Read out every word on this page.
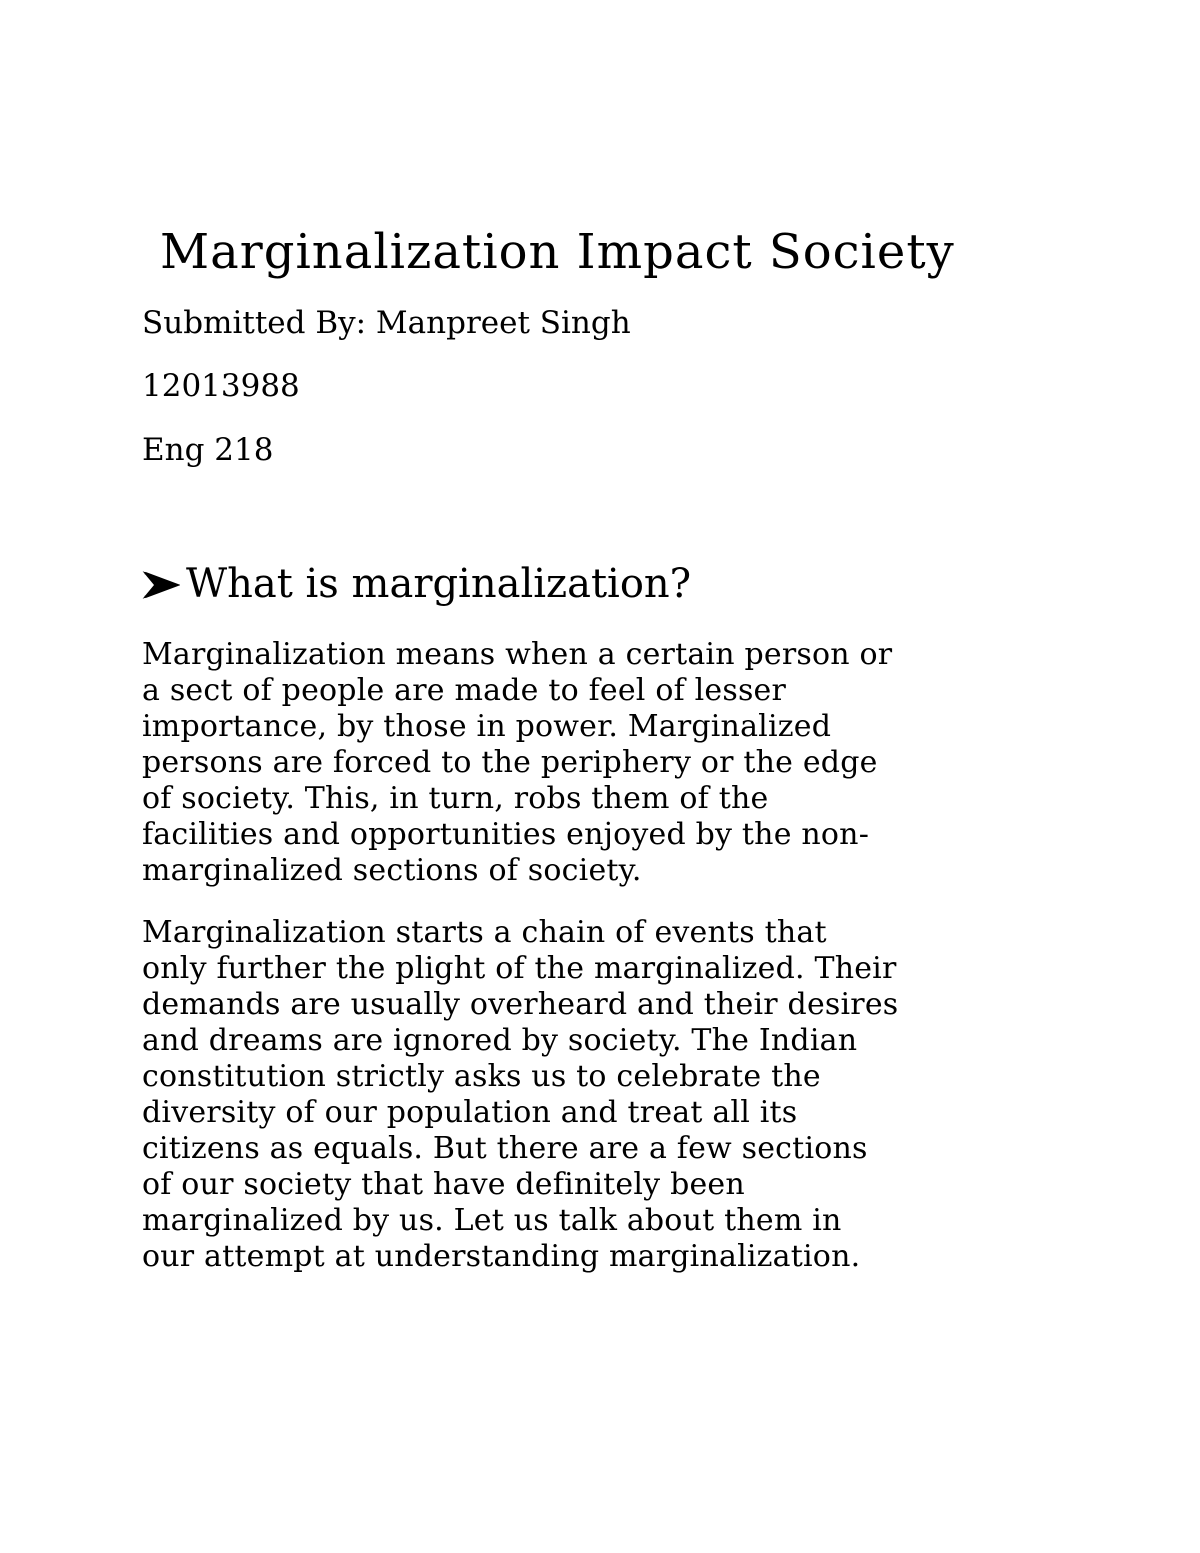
Marginalization Impact Society

Submitted By: Manpreet Singh

12013988

Eng 218

What is marginalization?

Marginalization means when a certain person or
a sect of people are made to feel of lesser
importance, by those in power. Marginalized
persons are forced to the periphery or the edge
of society. This, in turn, robs them of the
facilities and opportunities enjoyed by the non-
marginalized sections of society.

Marginalization starts a chain of events that
only further the plight of the marginalized. Their
demands are usually overheard and their desires
and dreams are ignored by society. The Indian
constitution strictly asks us to celebrate the
diversity of our population and treat all its
citizens as equals. But there are a few sections
of our society that have definitely been
marginalized by us. Let us talk about them in
our attempt at understanding marginalization.
